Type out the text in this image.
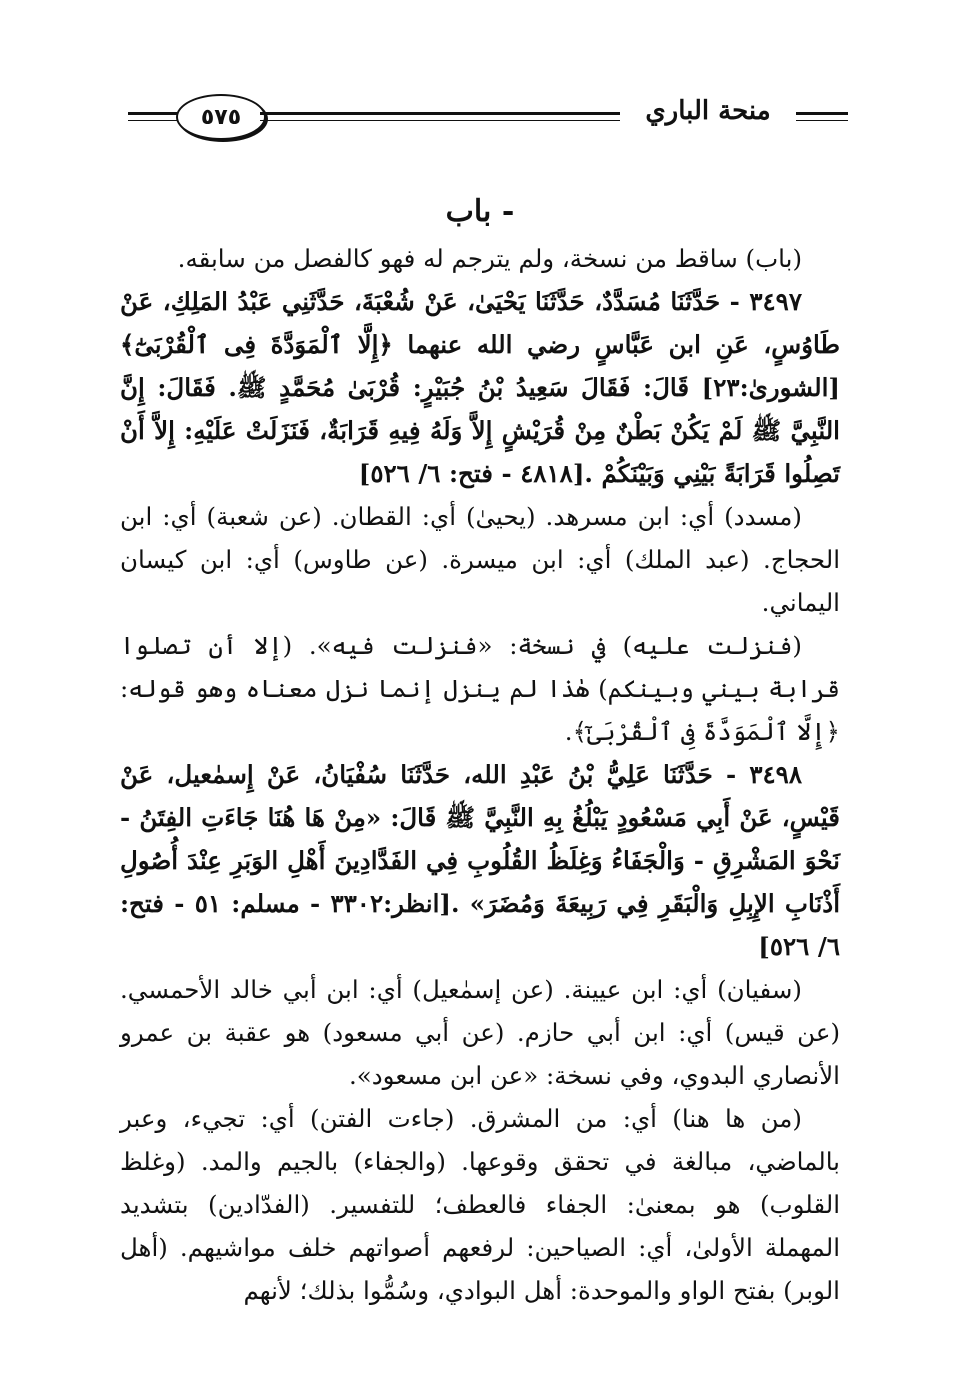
٥٧٥	منحة الباري
- باب

(باب) ساقط من نسخة، ولم يترجم له فهو كالفصل من سابقه.

٣٤٩٧ - حَدَّثَنَا مُسَدَّدٌ، حَدَّثَنَا يَحْيَىٰ، عَنْ شُعْبَةَ، حَدَّثَنِي عَبْدُ المَلِكِ، عَنْ طَاوُسٍ، عَنِ ابن عَبَّاسٍ رضي الله عنهما ﴿إِلَّا ٱلْمَوَدَّةَ فِى ٱلْقُرْبَىٰٓ﴾ [الشورىٰ:٢٣] قَالَ: فَقَالَ سَعِيدُ بْنُ جُبَيْرٍ: قُرْبَىٰ مُحَمَّدٍ ﷺ. فَقَالَ: إِنَّ النَّبِيَّ ﷺ لَمْ يَكُنْ بَطْنٌ مِنْ قُرَيْشٍ إِلاَّ وَلَهُ فِيهِ قَرَابَةٌ، فَنَزَلَتْ عَلَيْهِ: إِلاَّ أَنْ تَصِلُوا قَرَابَةً بَيْنِي وَبَيْنَكُمْ .[٤٨١٨ - فتح: ٦/ ٥٢٦]

(مسدد) أي: ابن مسرهد. (يحيىٰ) أي: القطان. (عن شعبة) أي: ابن الحجاج. (عبد الملك) أي: ابن ميسرة. (عن طاوس) أي: ابن كيسان اليماني.

(فنزلت عليه) في نسخة: «فنزلت فيه». (إلا أن تصلوا قرابة بيني وبينكم) هٰذا لم ينزل إنما نزل معناه وهو قوله: ﴿إِلَّا ٱلْمَوَدَّةَ فِى ٱلْقُرْبَىٰٓ﴾.

٣٤٩٨ - حَدَّثَنَا عَلِيُّ بْنُ عَبْدِ الله، حَدَّثَنَا سُفْيَانُ، عَنْ إِسمٰعيل، عَنْ قَيْسٍ، عَنْ أَبِي مَسْعُودٍ يَبْلُغُ بِهِ النَّبِيَّ ﷺ قَالَ: «مِنْ هَا هُنَا جَاءَتِ الفِتَنُ - نَحْوَ المَشْرِقِ - وَالْجَفَاءُ وَغِلَظُ القُلُوبِ فِي الفَدَّادِينَ أَهْلِ الوَبَرِ عِنْدَ أُصُولِ أَذْنَابِ الإِبِلِ وَالْبَقَرِ فِي رَبِيعَةَ وَمُضَرَ» .[انظر:٣٣٠٢ - مسلم: ٥١ - فتح: ٦/ ٥٢٦]

(سفيان) أي: ابن عيينة. (عن إسمٰعيل) أي: ابن أبي خالد الأحمسي. (عن قيس) أي: ابن أبي حازم. (عن أبي مسعود) هو عقبة بن عمرو الأنصاري البدوي، وفي نسخة: «عن ابن مسعود».

(من ها هنا) أي: من المشرق. (جاءت الفتن) أي: تجيء، وعبر بالماضي، مبالغة في تحقق وقوعها. (والجفاء) بالجيم والمد. (وغلظ القلوب) هو بمعنىٰ: الجفاء فالعطف؛ للتفسير. (الفدّادين) بتشديد المهملة الأولىٰ، أي: الصياحين: لرفعهم أصواتهم خلف مواشيهم. (أهل الوبر) بفتح الواو والموحدة: أهل البوادي، وسُمُّوا بذلك؛ لأنهم
